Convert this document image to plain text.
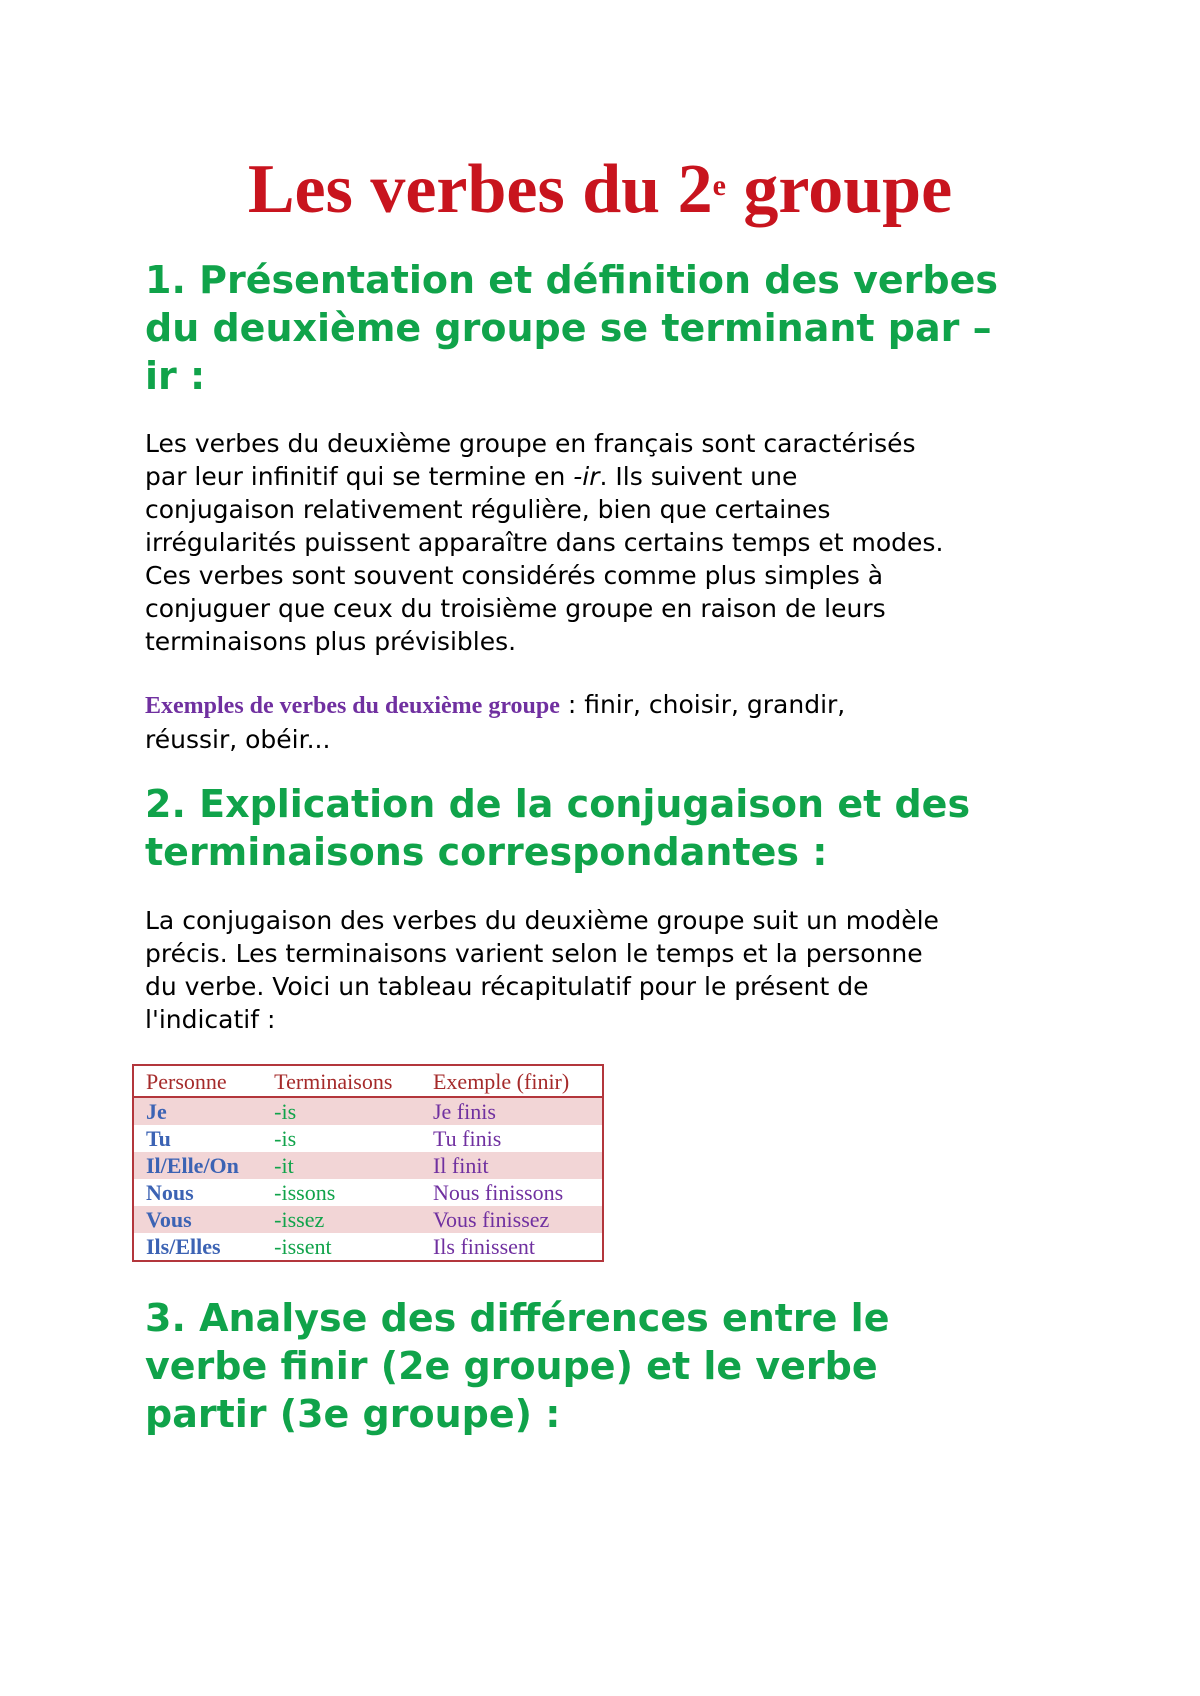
Les verbes du 2e groupe
1. Présentation et définition des verbes
du deuxième groupe se terminant par –
ir :

Les verbes du deuxième groupe en français sont caractérisés
par leur infinitif qui se termine en -ir. Ils suivent une
conjugaison relativement régulière, bien que certaines
irrégularités puissent apparaître dans certains temps et modes.
Ces verbes sont souvent considérés comme plus simples à
conjuguer que ceux du troisième groupe en raison de leurs
terminaisons plus prévisibles.

Exemples de verbes du deuxième groupe : finir, choisir, grandir,
réussir, obéir...

2. Explication de la conjugaison et des
terminaisons correspondantes :

La conjugaison des verbes du deuxième groupe suit un modèle
précis. Les terminaisons varient selon le temps et la personne
du verbe. Voici un tableau récapitulatif pour le présent de
l'indicatif :

Personne	Terminaisons	Exemple (finir)
Je	-is	Je finis
Tu	-is	Tu finis
Il/Elle/On	-it	Il finit
Nous	-issons	Nous finissons
Vous	-issez	Vous finissez
Ils/Elles	-issent	Ils finissent
3. Analyse des différences entre le
verbe finir (2e groupe) et le verbe
partir (3e groupe) :
